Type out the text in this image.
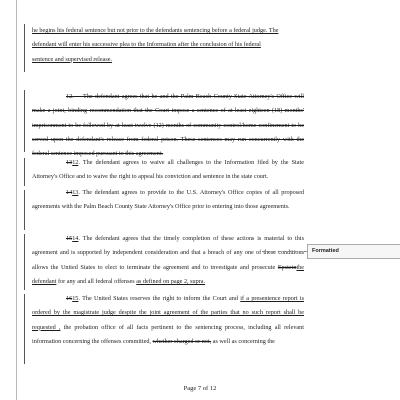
he begins his federal sentence but not prior to the defendants sentencing before a federal judge. The
defendant will enter his successive plea to the Information after the conclusion of his federal
sentence and supervised release.

12. The defendant agrees that he and the Palm Beach County State Attorney's Office will make a joint, binding recommendation that the Court impose a sentence of at least eighteen (18) months' imprisonment to be followed by at least twelve (12) months of community control/home confinement to be served upon the defendant's release from federal prison. These sentences may run concurrently with the federal sentence imposed pursuant to this agreement.

1312. The defendant agrees to waive all challenges to the Information filed by the State Attorney's Office and to waive the right to appeal his conviction and sentence in the state court.

1413. The defendant agrees to provide to the U.S. Attorney's Office copies of all proposed agreements with the Palm Beach County State Attorney's Office prior to entering into those agreements.

1514. The defendant agrees that the timely completion of these actions is material to this agreement and is supported by independent consideration and that a breach of any one of these conditions allows the United States to elect to terminate the agreement and to investigate and prosecute Epsteinthe defendant for any and all federal offenses as defined on page 2, supra.

1615. The United States reserves the right to inform the Court and if a presentence report is ordered by the magistrate judge despite the joint agreement of the parties that no such report shall be requested , the probation office of all facts pertinent to the sentencing process, including all relevant information concerning the offenses committed, whether charged or not, as well as concerning the

Formatted
Page 7 of 12
